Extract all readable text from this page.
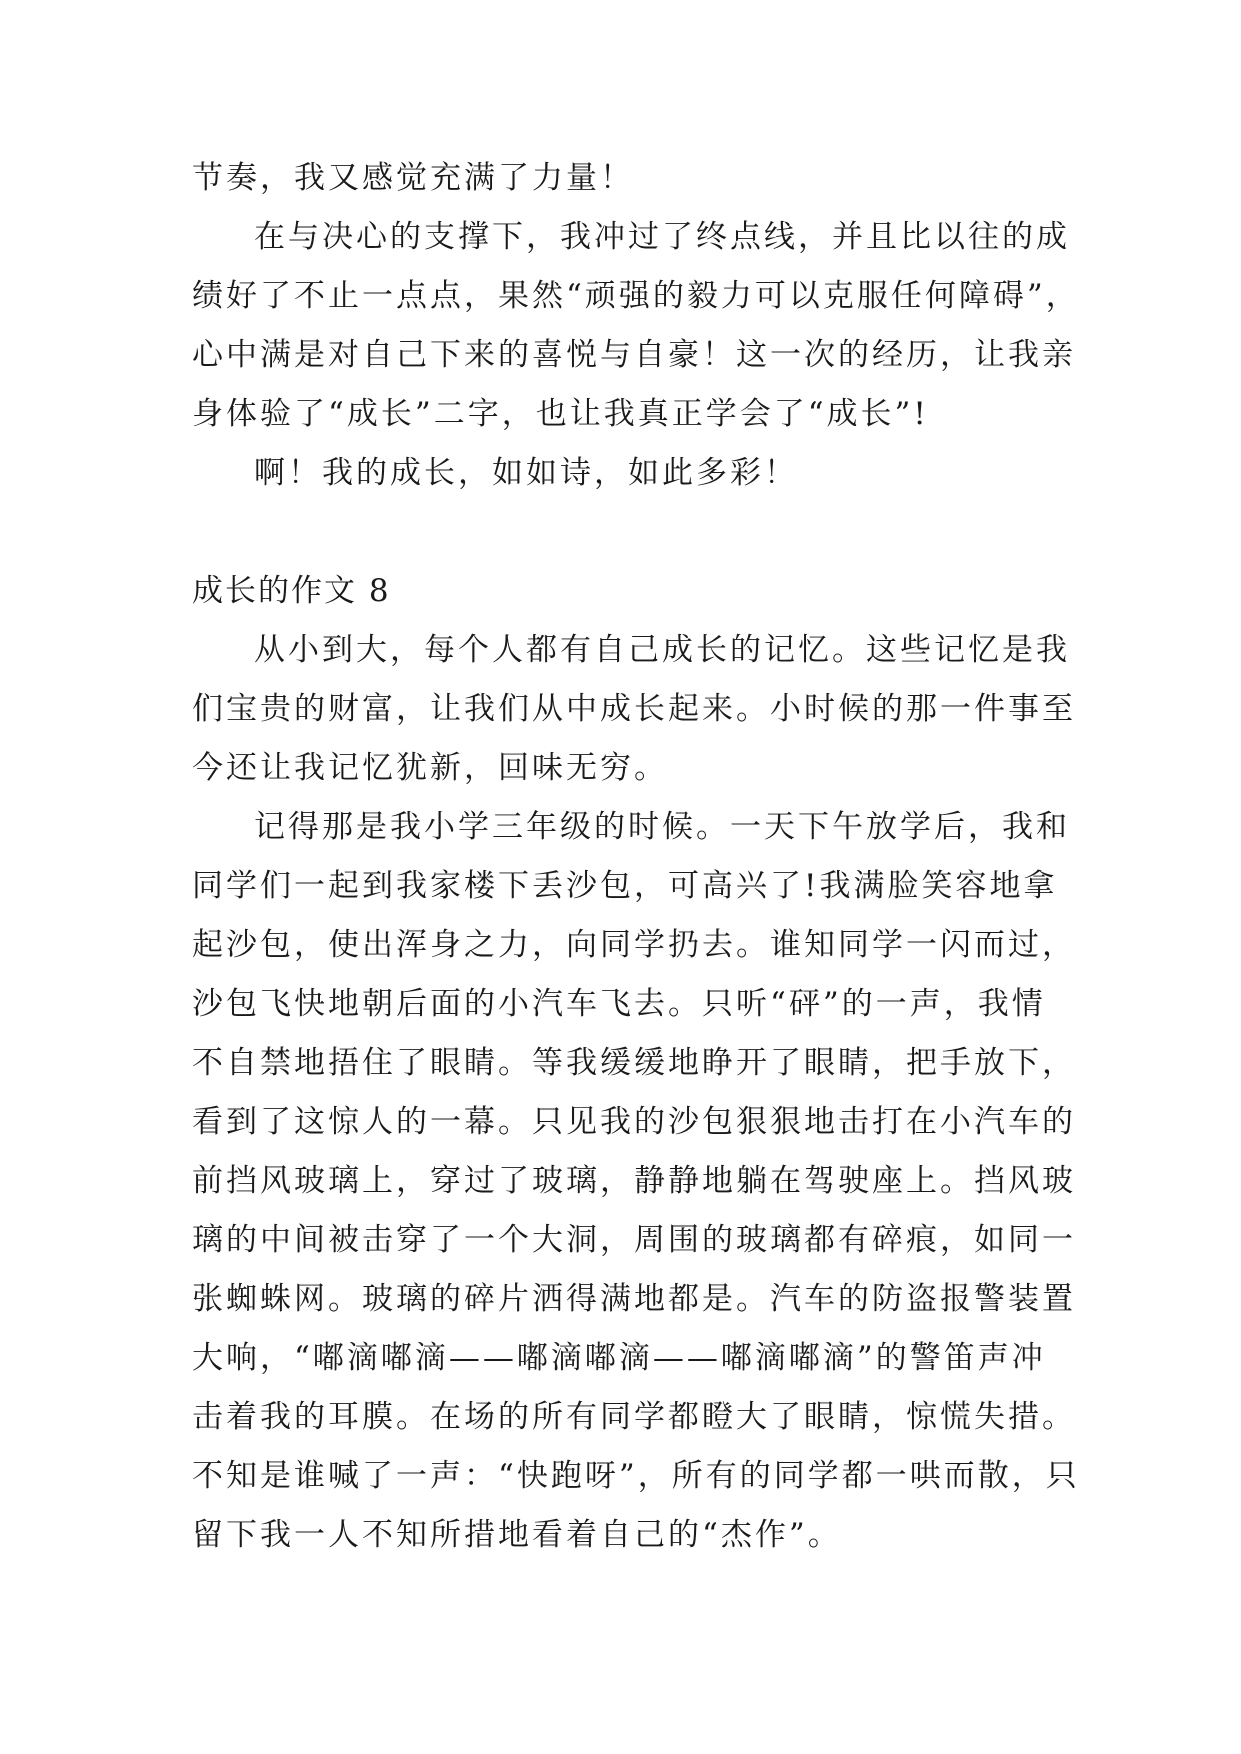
节奏，我又感觉充满了力量！
在与决心的支撑下，我冲过了终点线，并且比以往的成
绩好了不止一点点，果然“顽强的毅力可以克服任何障碍”，
心中满是对自己下来的喜悦与自豪！这一次的经历，让我亲
身体验了“成长”二字，也让我真正学会了“成长”!
啊！我的成长，如如诗，如此多彩！
成长的作文 8
从小到大，每个人都有自己成长的记忆。这些记忆是我
们宝贵的财富，让我们从中成长起来。小时候的那一件事至
今还让我记忆犹新，回味无穷。
记得那是我小学三年级的时候。一天下午放学后，我和
同学们一起到我家楼下丢沙包，可高兴了!我满脸笑容地拿
起沙包，使出浑身之力，向同学扔去。谁知同学一闪而过，
沙包飞快地朝后面的小汽车飞去。只听“砰”的一声，我情
不自禁地捂住了眼睛。等我缓缓地睁开了眼睛，把手放下，
看到了这惊人的一幕。只见我的沙包狠狠地击打在小汽车的
前挡风玻璃上，穿过了玻璃，静静地躺在驾驶座上。挡风玻
璃的中间被击穿了一个大洞，周围的玻璃都有碎痕，如同一
张蜘蛛网。玻璃的碎片洒得满地都是。汽车的防盗报警装置
大响，“嘟滴嘟滴——嘟滴嘟滴——嘟滴嘟滴”的警笛声冲
击着我的耳膜。在场的所有同学都瞪大了眼睛，惊慌失措。
不知是谁喊了一声：“快跑呀”，所有的同学都一哄而散，只
留下我一人不知所措地看着自己的“杰作”。
